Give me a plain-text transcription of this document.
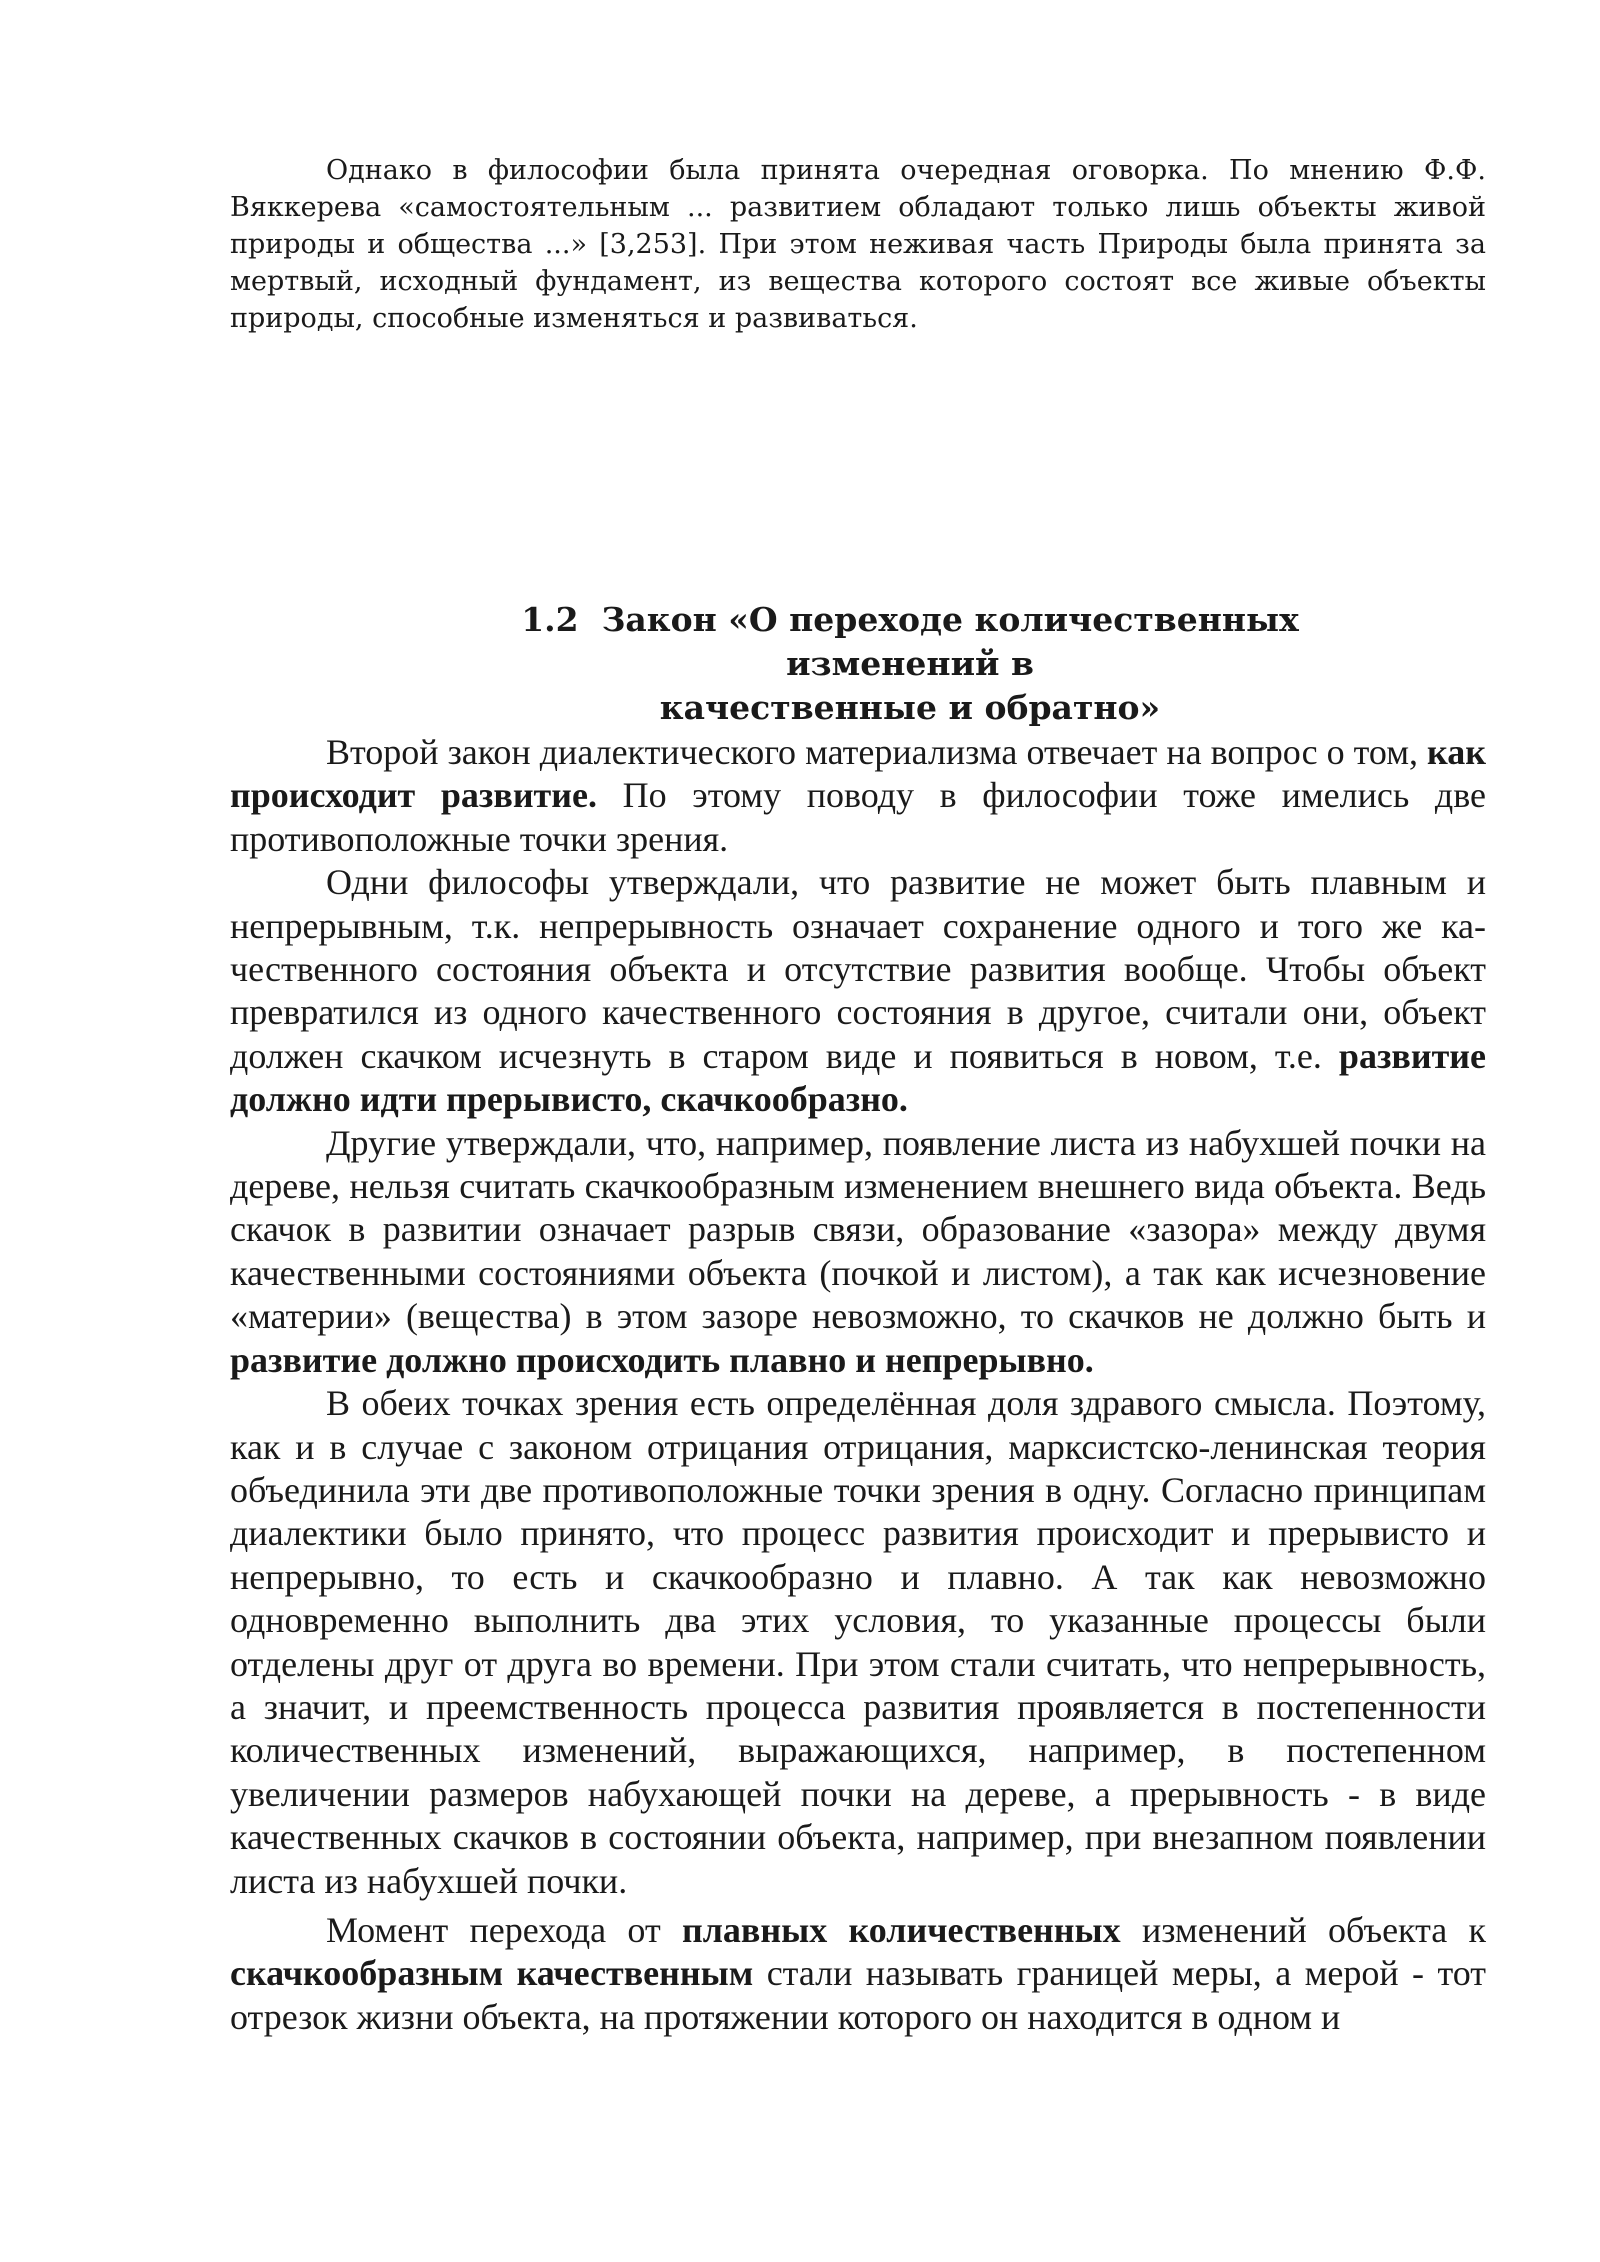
Однако в философии была принята очередная оговорка. По мнению Ф.Ф. Вяккерева «самостоятельным ... развитием обладают только лишь объекты живой природы и общества ...» [3,253]. При этом неживая часть Природы была принята за мертвый, исходный фундамент, из вещества которого состоят все живые объекты природы, способные изменяться и развиваться.

1.2 Закон «О переходе количественных изменений в
качественные и обратно»

Второй закон диалектического материализма отвечает на вопрос о том, как происходит развитие. По этому поводу в философии тоже имелись две противоположные точки зрения.

Одни философы утверждали, что развитие не может быть плавным и непрерывным, т.к. непрерывность означает сохранение одного и того же качественного состояния объекта и отсутствие развития вообще. Чтобы объект превратился из одного качественного состояния в другое, считали они, объект должен скачком исчезнуть в старом виде и появиться в новом, т.е. развитие должно идти прерывисто, скачкообразно.

Другие утверждали, что, например, появление листа из набухшей почки на дереве, нельзя считать скачкообразным изменением внешнего вида объекта. Ведь скачок в развитии означает разрыв связи, образование «зазора» между двумя качественными состояниями объекта (почкой и листом), а так как исчезновение «материи» (вещества) в этом зазоре невозможно, то скачков не должно быть и развитие должно происходить плавно и непрерывно.

В обеих точках зрения есть определённая доля здравого смысла. Поэтому, как и в случае с законом отрицания отрицания, марксистско-ленинская теория объединила эти две противоположные точки зрения в одну. Согласно принципам диалектики было принято, что процесс развития происходит и прерывисто и непрерывно, то есть и скачкообразно и плавно. А так как невозможно одновременно выполнить два этих условия, то указанные процессы были отделены друг от друга во времени. При этом стали считать, что непрерывность, а значит, и преемственность процесса развития проявляется в постепенности количественных изменений, выражающихся, например, в постепенном увеличении размеров набухающей почки на дереве, а прерывность - в виде качественных скачков в состоянии объекта, например, при внезапном появлении листа из набухшей почки.

Момент перехода от плавных количественных изменений объекта к скачкообразным качественным стали называть границей меры, а мерой - тот отрезок жизни объекта, на протяжении которого он находится в одном и
